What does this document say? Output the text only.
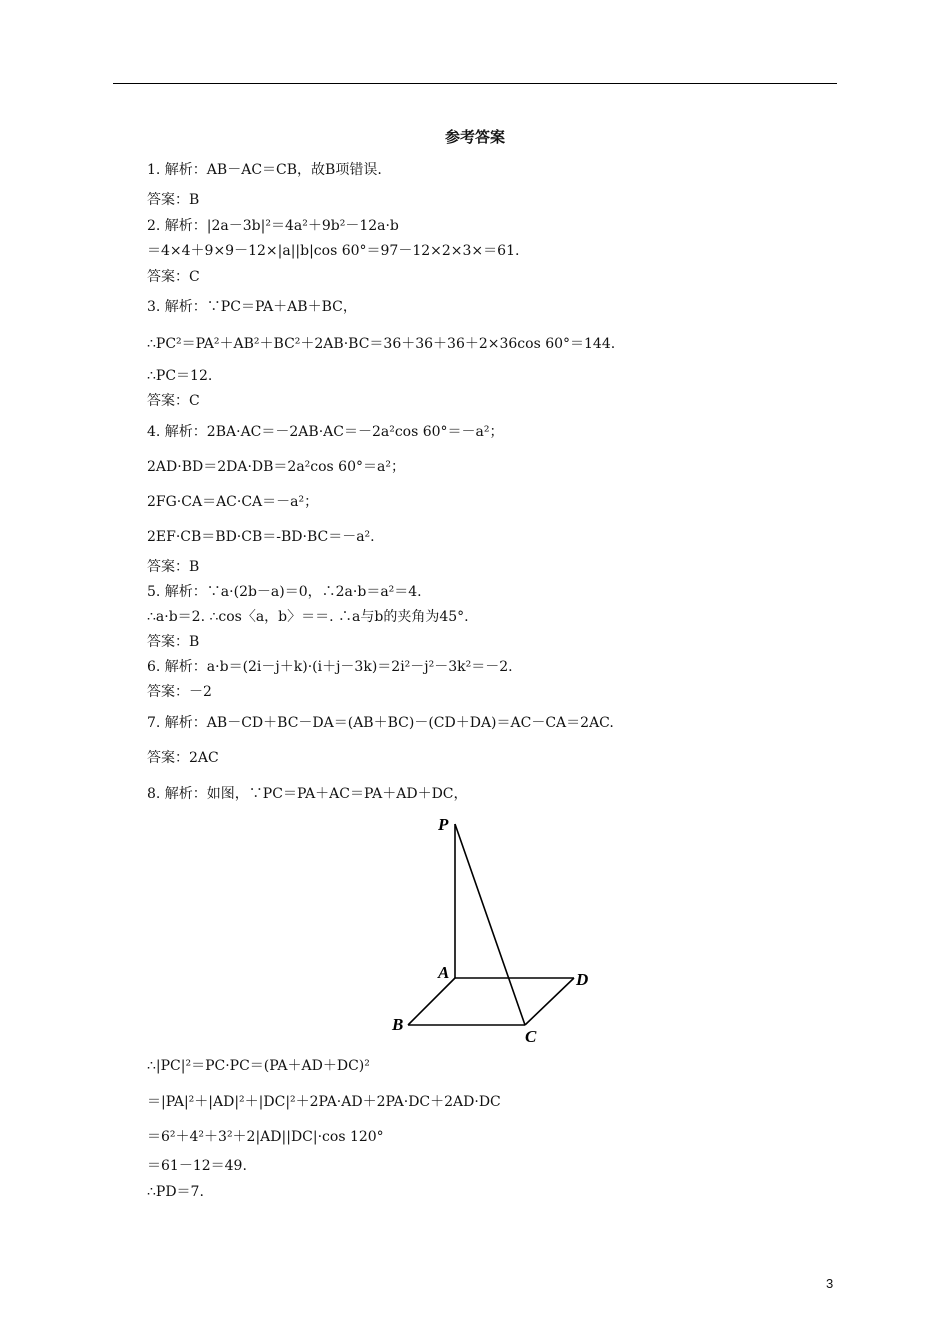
参考答案
1. 解析：AB－AC＝CB，故B项错误.
答案：B
2. 解析：|2a－3b|²＝4a²＋9b²－12a·b
＝4×4＋9×9－12×|a||b|cos 60°＝97－12×2×3×＝61.
答案：C
3. 解析：∵PC＝PA＋AB＋BC，
∴PC²＝PA²＋AB²＋BC²＋2AB·BC＝36＋36＋36＋2×36cos 60°＝144.
∴PC＝12.
答案：C
4. 解析：2BA·AC＝－2AB·AC＝－2a²cos 60°＝－a²；
2AD·BD＝2DA·DB＝2a²cos 60°＝a²；
2FG·CA＝AC·CA＝－a²；
2EF·CB＝BD·CB＝-BD·BC＝－a².
答案：B
5. 解析：∵a·(2b－a)＝0，∴2a·b＝a²＝4.
∴a·b＝2. ∴cos〈a，b〉＝＝. ∴a与b的夹角为45°.
答案：B
6. 解析：a·b＝(2i－j＋k)·(i＋j－3k)＝2i²－j²－3k²＝－2.
答案：－2
7. 解析：AB－CD＋BC－DA＝(AB＋BC)－(CD＋DA)＝AC－CA＝2AC.
答案：2AC
8. 解析：如图，∵PC＝PA＋AC＝PA＋AD＋DC，
∴|PC|²＝PC·PC＝(PA＋AD＋DC)²
＝|PA|²＋|AD|²＋|DC|²＋2PA·AD＋2PA·DC＋2AD·DC
＝6²＋4²＋3²＋2|AD||DC|·cos 120°
＝61－12＝49.
∴PD＝7.
P
A	D
B
C
3
